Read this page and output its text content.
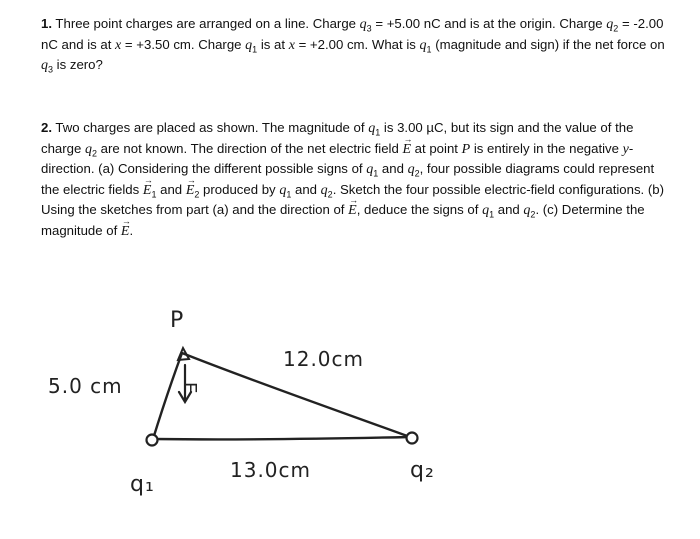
1. Three point charges are arranged on a line. Charge $q_3 = +5.00$ nC and is at the origin. Charge $q_2 = -2.00$ nC and is at x = +3.50 cm. Charge $q_1$ is at x = +2.00 cm. What is $q_1$ (magnitude and sign) if the net force on $q_3$ is zero?
2. Two charges are placed as shown. The magnitude of $q_1$ is 3.00 µC, but its sign and the value of the charge $q_2$ are not known. The direction of the net electric field → E at point P is entirely in the negative y-direction. (a) Considering the different possible signs of $q_1$ and $q_2$, four possible diagrams could represent the electric fields → $E_1$ and → $E_2$ produced by $q_1$ and $q_2$. Sketch the four possible electric-field configurations. (b) Using the sketches from part (a) and the direction of → E, deduce the signs of $q_1$ and $q_2$. (c) Determine the magnitude of → E.
P
5.0 cm
12.0cm
13.0cm
q₁
q₂
E
